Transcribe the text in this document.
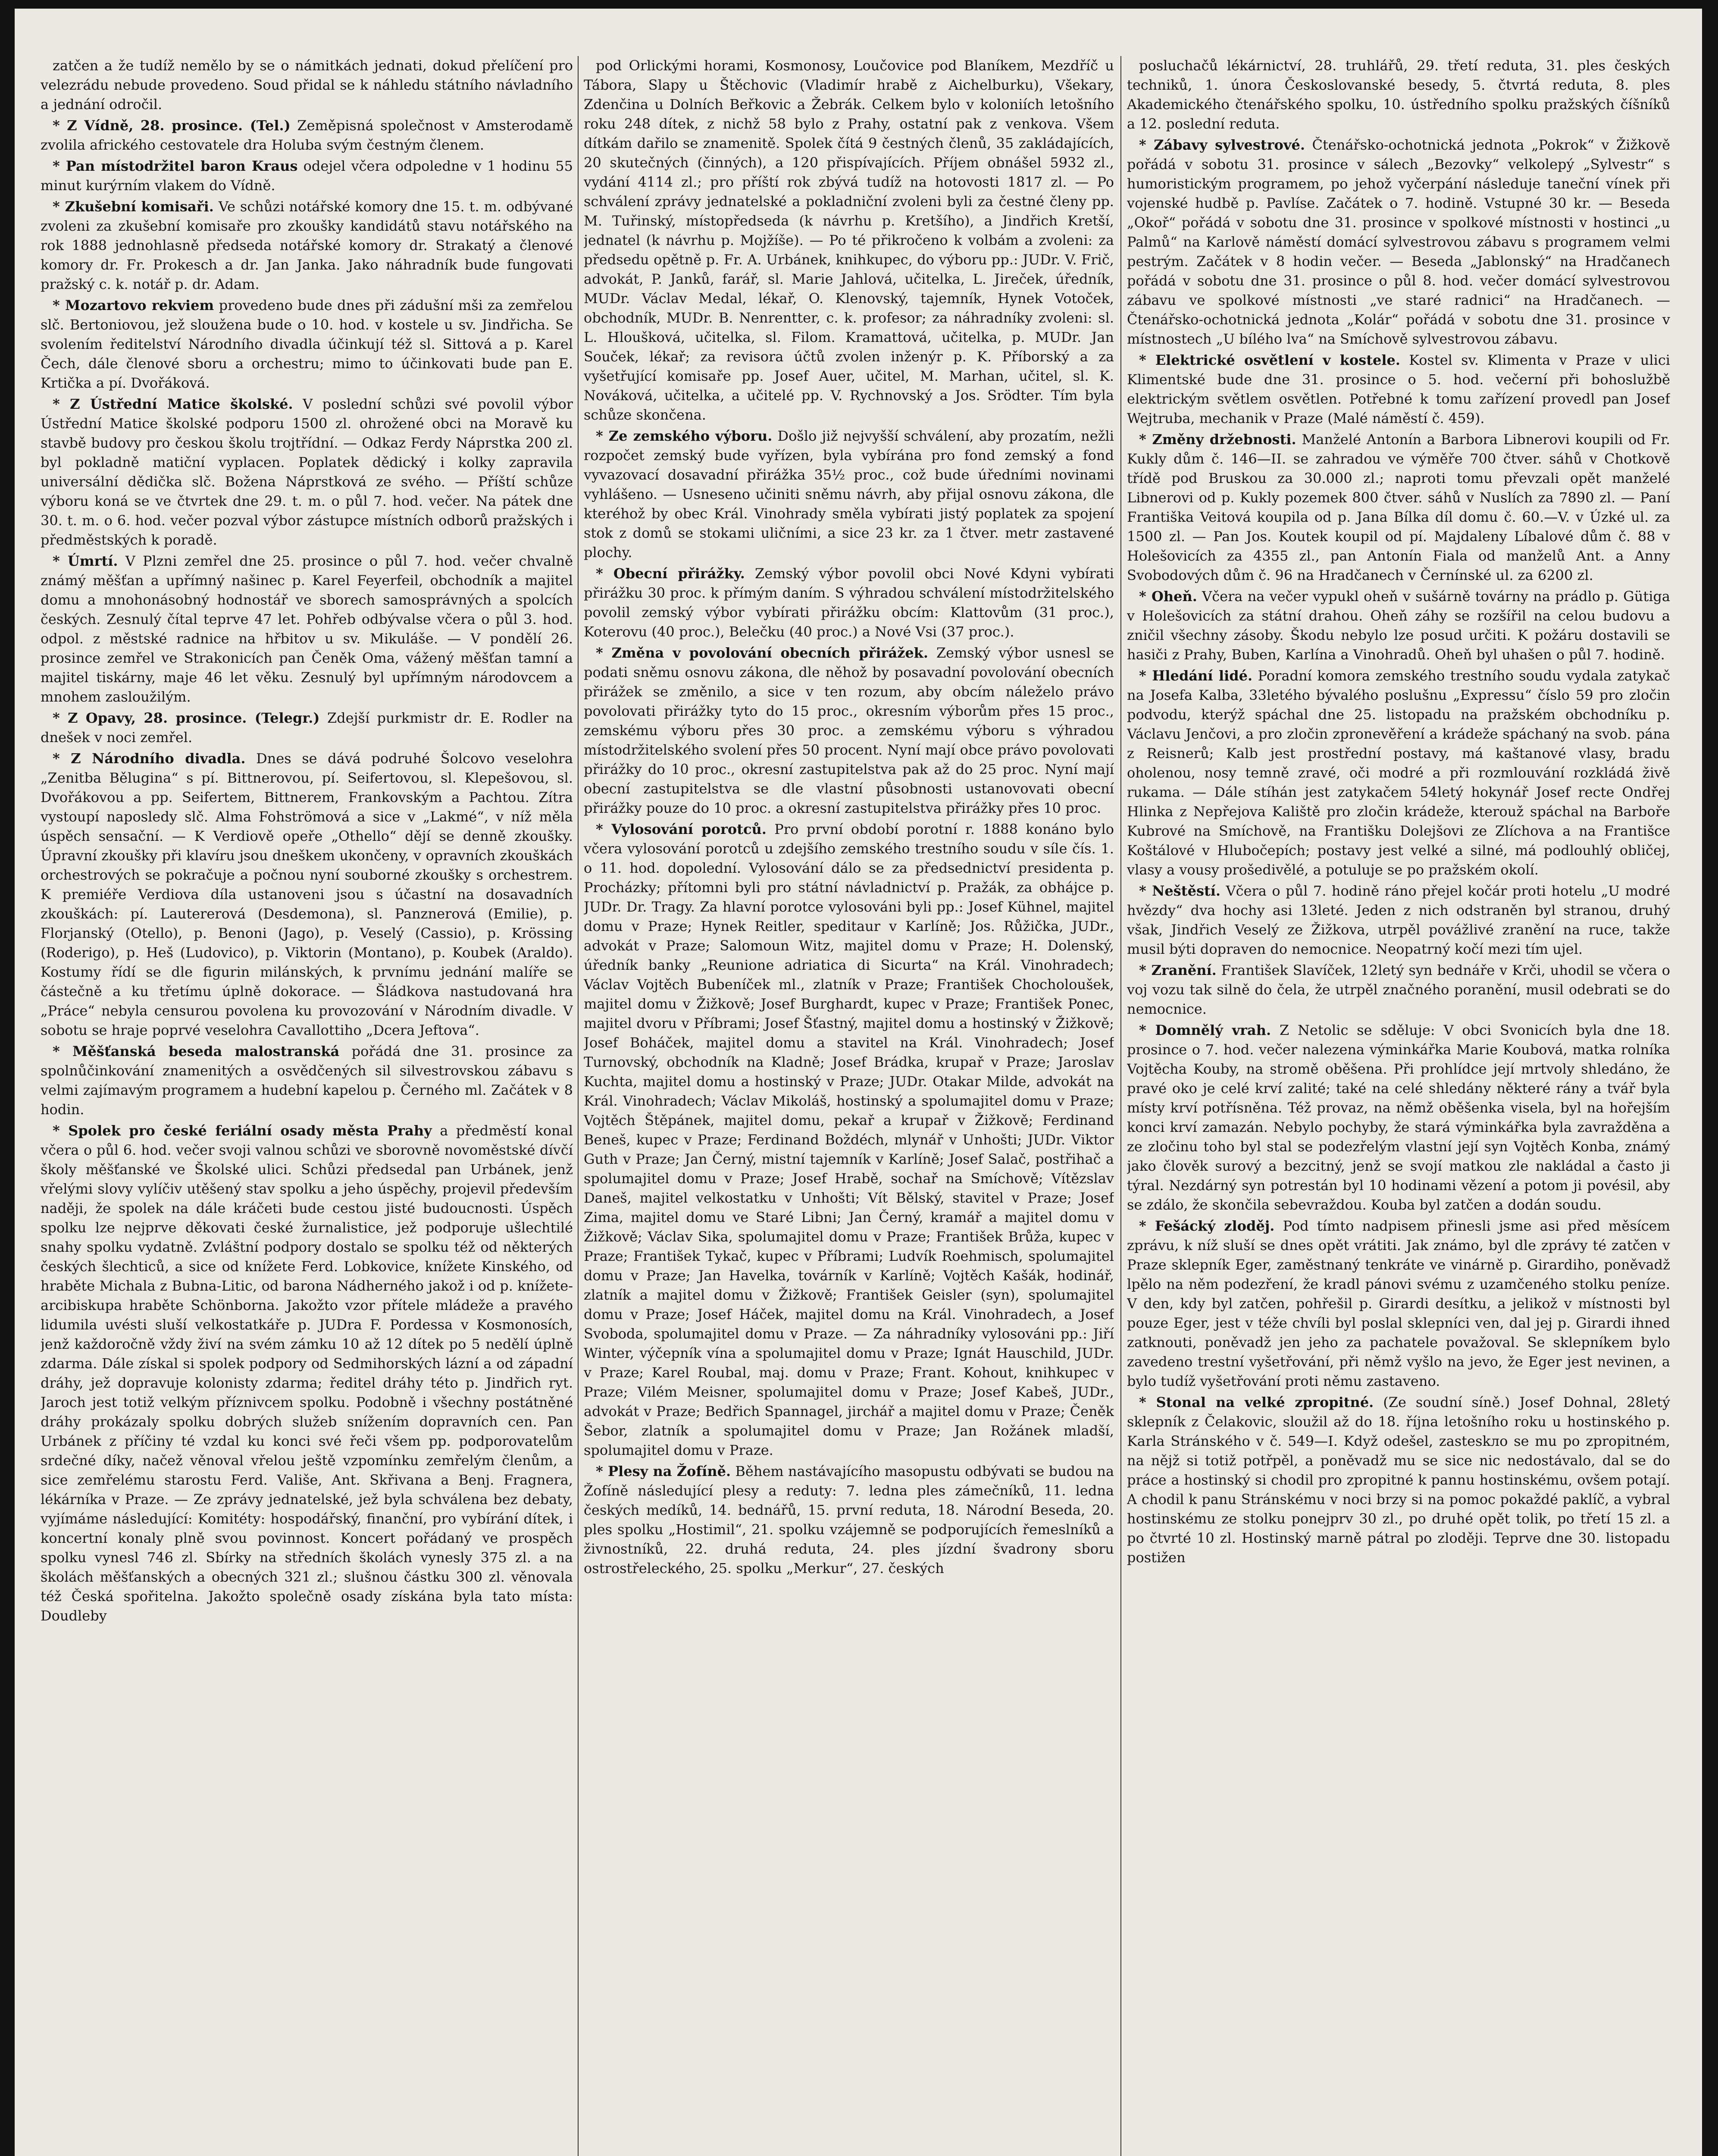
zatčen a že tudíž nemělo by se o námitkách jednati, dokud přelíčení pro velezrádu nebude provedeno. Soud přidal se k náhledu státního návladního a jednání odročil.

* Z Vídně, 28. prosince. (Tel.) Zeměpisná společnost v Amsterodamě zvolila afrického cestovatele dra Holuba svým čestným členem.

* Pan místodržitel baron Kraus odejel včera odpoledne v 1 hodinu 55 minut kurýrním vlakem do Vídně.

* Zkušební komisaři. Ve schůzi notářské komory dne 15. t. m. odbývané zvoleni za zkušební komisaře pro zkoušky kandidátů stavu notářského na rok 1888 jednohlasně předseda notářské komory dr. Strakatý a členové komory dr. Fr. Prokesch a dr. Jan Janka. Jako náhradník bude fungovati pražský c. k. notář p. dr. Adam.

* Mozartovo rekviem provedeno bude dnes při zádušní mši za zemřelou slč. Bertoniovou, jež sloužena bude o 10. hod. v kostele u sv. Jindřicha. Se svolením ředitelství Národního divadla účinkují též sl. Sittová a p. Karel Čech, dále členové sboru a orchestru; mimo to účinkovati bude pan E. Krtička a pí. Dvořáková.

* Z Ústřední Matice školské. V poslední schůzi své povolil výbor Ústřední Matice školské podporu 1500 zl. ohrožené obci na Moravě ku stavbě budovy pro českou školu trojtřídní. — Odkaz Ferdy Náprstka 200 zl. byl pokladně matiční vyplacen. Poplatek dědický i kolky zapravila universální dědička slč. Božena Náprstková ze svého. — Příští schůze výboru koná se ve čtvrtek dne 29. t. m. o půl 7. hod. večer. Na pátek dne 30. t. m. o 6. hod. večer pozval výbor zástupce místních odborů pražských i předměstských k poradě.

* Úmrtí. V Plzni zemřel dne 25. prosince o půl 7. hod. večer chvalně známý měšťan a upřímný našinec p. Karel Feyerfeil, obchodník a majitel domu a mnohonásobný hodnostář ve sborech samosprávných a spolcích českých. Zesnulý čítal teprve 47 let. Pohřeb odbývalse včera o půl 3. hod. odpol. z městské radnice na hřbitov u sv. Mikuláše. — V pondělí 26. prosince zemřel ve Strakonicích pan Čeněk Oma, vážený měšťan tamní a majitel tiskárny, maje 46 let věku. Zesnulý byl upřímným národovcem a mnohem zasloužilým.

* Z Opavy, 28. prosince. (Telegr.) Zdejší purkmistr dr. E. Rodler na dnešek v noci zemřel.

* Z Národního divadla. Dnes se dává podruhé Šolcovo veselohra „Zenitba Bělugina“ s pí. Bittnerovou, pí. Seifertovou, sl. Klepešovou, sl. Dvořákovou a pp. Seifertem, Bittnerem, Frankovským a Pachtou. Zítra vystoupí naposledy slč. Alma Fohströmová a sice v „Lakmé“, v níž měla úspěch sensační. — K Verdiově opeře „Othello“ dějí se denně zkoušky. Úpravní zkoušky při klavíru jsou dneškem ukončeny, v opravních zkouškách orchestrových se pokračuje a počnou nyní souborné zkoušky s orchestrem. K premiéře Verdiova díla ustanoveni jsou s účastní na dosavadních zkouškách: pí. Lautererová (Desdemona), sl. Panznerová (Emilie), p. Florjanský (Otello), p. Benoni (Jago), p. Veselý (Cassio), p. Krössing (Roderigo), p. Heš (Ludovico), p. Viktorin (Montano), p. Koubek (Araldo). Kostumy řídí se dle figurin milánských, k prvnímu jednání malíře se částečně a ku třetímu úplně dokorace. — Šládkova nastudovaná hra „Práce“ nebyla censurou povolena ku provozování v Národním divadle. V sobotu se hraje poprvé veselohra Cavallottiho „Dcera Jeftova“.

* Měšťanská beseda malostranská pořádá dne 31. prosince za spolnůčinkování znamenitých a osvědčených sil silvestrovskou zábavu s velmi zajímavým programem a hudební kapelou p. Černého ml. Začátek v 8 hodin.

* Spolek pro české feriální osady města Prahy a předměstí konal včera o půl 6. hod. večer svoji valnou schůzi ve sborovně novoměstské dívčí školy měšťanské ve Školské ulici. Schůzi předsedal pan Urbánek, jenž vřelými slovy vylíčiv utěšený stav spolku a jeho úspěchy, projevil především naději, že spolek na dále kráčeti bude cestou jisté budoucnosti. Úspěch spolku lze nejprve děkovati české žurnalistice, jež podporuje ušlechtilé snahy spolku vydatně. Zvláštní podpory dostalo se spolku též od některých českých šlechticů, a sice od knížete Ferd. Lobkovice, knížete Kinského, od hraběte Michala z Bubna-Litic, od barona Nádherného jakož i od p. knížete-arcibiskupa hraběte Schönborna. Jakožto vzor přítele mládeže a pravého lidumila uvésti sluší velkostatkáře p. JUDra F. Pordessa v Kosmonosích, jenž každoročně vždy živí na svém zámku 10 až 12 dítek po 5 nedělí úplně zdarma. Dále získal si spolek podpory od Sedmihorských lázní a od západní dráhy, jež dopravuje kolonisty zdarma; ředitel dráhy této p. Jindřich ryt. Jaroch jest totiž velkým příznivcem spolku. Podobně i všechny postátněné dráhy prokázaly spolku dobrých služeb snížením dopravních cen. Pan Urbánek z příčiny té vzdal ku konci své řeči všem pp. podporovatelům srdečné díky, načež věnoval vřelou ještě vzpomínku zemřelým členům, a sice zemřelému starostu Ferd. Vališe, Ant. Skřivana a Benj. Fragnera, lékárníka v Praze. — Ze zprávy jednatelské, jež byla schválena bez debaty, vyjímáme následující: Komitéty: hospodářský, finanční, pro vybírání dítek, i koncertní konaly plně svou povinnost. Koncert pořádaný ve prospěch spolku vynesl 746 zl. Sbírky na středních školách vynesly 375 zl. a na školách měšťanských a obecných 321 zl.; slušnou částku 300 zl. věnovala též Česká spořitelna. Jakožto společně osady získána byla tato místa: Doudleby

pod Orlickými horami, Kosmonosy, Loučovice pod Blaníkem, Mezdříč u Tábora, Slapy u Štěchovic (Vladimír hrabě z Aichelburku), Všekary, Zdenčina u Dolních Beřkovic a Žebrák. Celkem bylo v koloniích letošního roku 248 dítek, z nichž 58 bylo z Prahy, ostatní pak z venkova. Všem dítkám dařilo se znamenitě. Spolek čítá 9 čestných členů, 35 zakládajících, 20 skutečných (činných), a 120 přispívajících. Příjem obnášel 5932 zl., vydání 4114 zl.; pro příští rok zbývá tudíž na hotovosti 1817 zl. — Po schválení zprávy jednatelské a pokladniční zvoleni byli za čestné členy pp. M. Tuřinský, místopředseda (k návrhu p. Kretšího), a Jindřich Kretší, jednatel (k návrhu p. Mojžíše). — Po té přikročeno k volbám a zvoleni: za předsedu opětně p. Fr. A. Urbánek, knihkupec, do výboru pp.: JUDr. V. Frič, advokát, P. Janků, farář, sl. Marie Jahlová, učitelka, L. Jireček, úředník, MUDr. Václav Medal, lékař, O. Klenovský, tajemník, Hynek Votoček, obchodník, MUDr. B. Nenrentter, c. k. profesor; za náhradníky zvoleni: sl. L. Hloušková, učitelka, sl. Filom. Kramattová, učitelka, p. MUDr. Jan Souček, lékař; za revisora účtů zvolen inženýr p. K. Příborský a za vyšetřující komisaře pp. Josef Auer, učitel, M. Marhan, učitel, sl. K. Nováková, učitelka, a učitelé pp. V. Rychnovský a Jos. Srödter. Tím byla schůze skončena.

* Ze zemského výboru. Došlo již nejvyšší schválení, aby prozatím, nežli rozpočet zemský bude vyřízen, byla vybírána pro fond zemský a fond vyvazovací dosavadní přirážka 35½ proc., což bude úředními novinami vyhlášeno. — Usneseno učiniti sněmu návrh, aby přijal osnovu zákona, dle kteréhož by obec Král. Vinohrady směla vybírati jistý poplatek za spojení stok z domů se stokami uličními, a sice 23 kr. za 1 čtver. metr zastavené plochy.

* Obecní přirážky. Zemský výbor povolil obci Nové Kdyni vybírati přirážku 30 proc. k přímým daním. S výhradou schválení místodržitelského povolil zemský výbor vybírati přirážku obcím: Klattovům (31 proc.), Koterovu (40 proc.), Belečku (40 proc.) a Nové Vsi (37 proc.).

* Změna v povolování obecních přirážek. Zemský výbor usnesl se podati sněmu osnovu zákona, dle něhož by posavadní povolování obecních přirážek se změnilo, a sice v ten rozum, aby obcím náleželo právo povolovati přirážky tyto do 15 proc., okresním výborům přes 15 proc., zemskému výboru přes 30 proc. a zemskému výboru s výhradou místodržitelského svolení přes 50 procent. Nyní mají obce právo povolovati přirážky do 10 proc., okresní zastupitelstva pak až do 25 proc. Nyní mají obecní zastupitelstva se dle vlastní působnosti ustanovovati obecní přirážky pouze do 10 proc. a okresní zastupitelstva přirážky přes 10 proc.

* Vylosování porotců. Pro první období porotní r. 1888 konáno bylo včera vylosování porotců u zdejšího zemského trestního soudu v síle čís. 1. o 11. hod. dopolední. Vylosování dálo se za předsednictví presidenta p. Procházky; přítomni byli pro státní návladnictví p. Pražák, za obhájce p. JUDr. Dr. Tragy. Za hlavní porotce vylosováni byli pp.: Josef Kühnel, majitel domu v Praze; Hynek Reitler, speditaur v Karlíně; Jos. Růžička, JUDr., advokát v Praze; Salomoun Witz, majitel domu v Praze; H. Dolenský, úředník banky „Reunione adriatica di Sicurta“ na Král. Vinohradech; Václav Vojtěch Bubeníček ml., zlatník v Praze; František Chocholoušek, majitel domu v Žižkově; Josef Burghardt, kupec v Praze; František Ponec, majitel dvoru v Příbrami; Josef Šťastný, majitel domu a hostinský v Žižkově; Josef Boháček, majitel domu a stavitel na Král. Vinohradech; Josef Turnovský, obchodník na Kladně; Josef Brádka, krupař v Praze; Jaroslav Kuchta, majitel domu a hostinský v Praze; JUDr. Otakar Milde, advokát na Král. Vinohradech; Václav Mikoláš, hostinský a spolumajitel domu v Praze; Vojtěch Štěpánek, majitel domu, pekař a krupař v Žižkově; Ferdinand Beneš, kupec v Praze; Ferdinand Boždéch, mlynář v Unhošti; JUDr. Viktor Guth v Praze; Jan Černý, mistní tajemník v Karlíně; Josef Salač, postřihač a spolumajitel domu v Praze; Josef Hrabě, sochař na Smíchově; Vítězslav Daneš, majitel velkostatku v Unhošti; Vít Bělský, stavitel v Praze; Josef Zima, majitel domu ve Staré Libni; Jan Černý, kramář a majitel domu v Žižkově; Václav Sika, spolumajitel domu v Praze; František Brůža, kupec v Praze; František Tykač, kupec v Příbrami; Ludvík Roehmisch, spolumajitel domu v Praze; Jan Havelka, továrník v Karlíně; Vojtěch Kašák, hodinář, zlatník a majitel domu v Žižkově; František Geisler (syn), spolumajitel domu v Praze; Josef Háček, majitel domu na Král. Vinohradech, a Josef Svoboda, spolumajitel domu v Praze. — Za náhradníky vylosováni pp.: Jiří Winter, výčepník vína a spolumajitel domu v Praze; Ignát Hauschild, JUDr. v Praze; Karel Roubal, maj. domu v Praze; Frant. Kohout, knihkupec v Praze; Vilém Meisner, spolumajitel domu v Praze; Josef Kabeš, JUDr., advokát v Praze; Bedřich Spannagel, jirchář a majitel domu v Praze; Čeněk Šebor, zlatník a spolumajitel domu v Praze; Jan Rožánek mladší, spolumajitel domu v Praze.

* Plesy na Žofíně. Během nastávajícího masopustu odbývati se budou na Žofíně následující plesy a reduty: 7. ledna ples zámečníků, 11. ledna českých medíků, 14. bednářů, 15. první reduta, 18. Národní Beseda, 20. ples spolku „Hostimil“, 21. spolku vzájemně se podporujících řemeslníků a živnostníků, 22. druhá reduta, 24. ples jízdní švadrony sboru ostrostřeleckého, 25. spolku „Merkur“, 27. českých

posluchačů lékárnictví, 28. truhlářů, 29. třetí reduta, 31. ples českých techniků, 1. února Českoslovanské besedy, 5. čtvrtá reduta, 8. ples Akademického čtenářského spolku, 10. ústředního spolku pražských číšníků a 12. poslední reduta.

* Zábavy sylvestrové. Čtenářsko-ochotnická jednota „Pokrok“ v Žižkově pořádá v sobotu 31. prosince v sálech „Bezovky“ velkolepý „Sylvestr“ s humoristickým programem, po jehož vyčerpání následuje taneční vínek při vojenské hudbě p. Pavlíse. Začátek o 7. hodině. Vstupné 30 kr. — Beseda „Okoř“ pořádá v sobotu dne 31. prosince v spolkové místnosti v hostinci „u Palmů“ na Karlově náměstí domácí sylvestrovou zábavu s programem velmi pestrým. Začátek v 8 hodin večer. — Beseda „Jablonský“ na Hradčanech pořádá v sobotu dne 31. prosince o půl 8. hod. večer domácí sylvestrovou zábavu ve spolkové místnosti „ve staré radnici“ na Hradčanech. — Čtenářsko-ochotnická jednota „Kolár“ pořádá v sobotu dne 31. prosince v místnostech „U bílého lva“ na Smíchově sylvestrovou zábavu.

* Elektrické osvětlení v kostele. Kostel sv. Klimenta v Praze v ulici Klimentské bude dne 31. prosince o 5. hod. večerní při bohoslužbě elektrickým světlem osvětlen. Potřebné k tomu zařízení provedl pan Josef Wejtruba, mechanik v Praze (Malé náměstí č. 459).

* Změny držebnosti. Manželé Antonín a Barbora Libnerovi koupili od Fr. Kukly dům č. 146—II. se zahradou ve výměře 700 čtver. sáhů v Chotkově třídě pod Bruskou za 30.000 zl.; naproti tomu převzali opět manželé Libnerovi od p. Kukly pozemek 800 čtver. sáhů v Nuslích za 7890 zl. — Paní Františka Veitová koupila od p. Jana Bílka díl domu č. 60.—V. v Úzké ul. za 1500 zl. — Pan Jos. Koutek koupil od pí. Majdaleny Líbalové dům č. 88 v Holešovicích za 4355 zl., pan Antonín Fiala od manželů Ant. a Anny Svobodových dům č. 96 na Hradčanech v Černínské ul. za 6200 zl.

* Oheň. Včera na večer vypukl oheň v sušárně továrny na prádlo p. Gütiga v Holešovicích za státní drahou. Oheň záhy se rozšířil na celou budovu a zničil všechny zásoby. Škodu nebylo lze posud určiti. K požáru dostavili se hasiči z Prahy, Buben, Karlína a Vinohradů. Oheň byl uhašen o půl 7. hodině.

* Hledání lidé. Poradní komora zemského trestního soudu vydala zatykač na Josefa Kalba, 33letého bývalého poslušnu „Expressu“ číslo 59 pro zločin podvodu, kterýž spáchal dne 25. listopadu na pražském obchodníku p. Václavu Jenčovi, a pro zločin zpronevěření a krádeže spáchaný na svob. pána z Reisnerů; Kalb jest prostřední postavy, má kaštanové vlasy, bradu oholenou, nosy temně zravé, oči modré a při rozmlouvání rozkládá živě rukama. — Dále stíhán jest zatykačem 54letý hokynář Josef recte Ondřej Hlinka z Nepřejova Kaliště pro zločin krádeže, kterouž spáchal na Barboře Kubrové na Smíchově, na Františku Dolejšovi ze Zlíchova a na Františce Koštálové v Hlubočepích; postavy jest velké a silné, má podlouhlý obličej, vlasy a vousy prošedivělé, a potuluje se po pražském okolí.

* Neštěstí. Včera o půl 7. hodině ráno přejel kočár proti hotelu „U modré hvězdy“ dva hochy asi 13leté. Jeden z nich odstraněn byl stranou, druhý však, Jindřich Veselý ze Žižkova, utrpěl povážlivé zranění na ruce, takže musil býti dopraven do nemocnice. Neopatrný kočí mezi tím ujel.

* Zranění. František Slavíček, 12letý syn bednáře v Krči, uhodil se včera o voj vozu tak silně do čela, že utrpěl značného poranění, musil odebrati se do nemocnice.

* Domnělý vrah. Z Netolic se sděluje: V obci Svonicích byla dne 18. prosince o 7. hod. večer nalezena výminkářka Marie Koubová, matka rolníka Vojtěcha Kouby, na stromě oběšena. Při prohlídce její mrtvoly shledáno, že pravé oko je celé krví zalité; také na celé shledány některé rány a tvář byla místy krví potřísněna. Též provaz, na němž oběšenka visela, byl na hořejším konci krví zamazán. Nebylo pochyby, že stará výminkářka byla zavražděna a ze zločinu toho byl stal se podezřelým vlastní její syn Vojtěch Konba, známý jako člověk surový a bezcitný, jenž se svojí matkou zle nakládal a často ji týral. Nezdárný syn potrestán byl 10 hodinami vězení a potom ji povésil, aby se zdálo, že skončila sebevraždou. Kouba byl zatčen a dodán soudu.

* Fešácký zloděj. Pod tímto nadpisem přinesli jsme asi před měsícem zprávu, k níž sluší se dnes opět vrátiti. Jak známo, byl dle zprávy té zatčen v Praze sklepník Eger, zaměstnaný tenkráte ve vinárně p. Girardiho, poněvadž lpělo na něm podezření, že kradl pánovi svému z uzamčeného stolku peníze. V den, kdy byl zatčen, pohřešil p. Girardi desítku, a jelikož v místnosti byl pouze Eger, jest v téže chvíli byl poslal sklepníci ven, dal jej p. Girardi ihned zatknouti, poněvadž jen jeho za pachatele považoval. Se sklepníkem bylo zavedeno trestní vyšetřování, při němž vyšlo na jevo, že Eger jest nevinen, a bylo tudíž vyšetřování proti němu zastaveno.

* Stonal na velké zpropitné. (Ze soudní síně.) Josef Dohnal, 28letý sklepník z Čelakovic, sloužil až do 18. října letošního roku u hostinského p. Karla Stránského v č. 549—I. Když odešel, zasteskло se mu po zpropitném, na nějž si totiž potřpěl, a poněvadž mu se sice nic nedostávalo, dal se do práce a hostinský si chodil pro zpropitné k pannu hostinskému, ovšem potají. A chodil k panu Stránskému v noci brzy si na pomoc pokaždé paklíč, a vybral hostinskému ze stolku ponejprv 30 zl., po druhé opět tolik, po třetí 15 zl. a po čtvrté 10 zl. Hostinský marně pátral po zloději. Teprve dne 30. listopadu postižen
